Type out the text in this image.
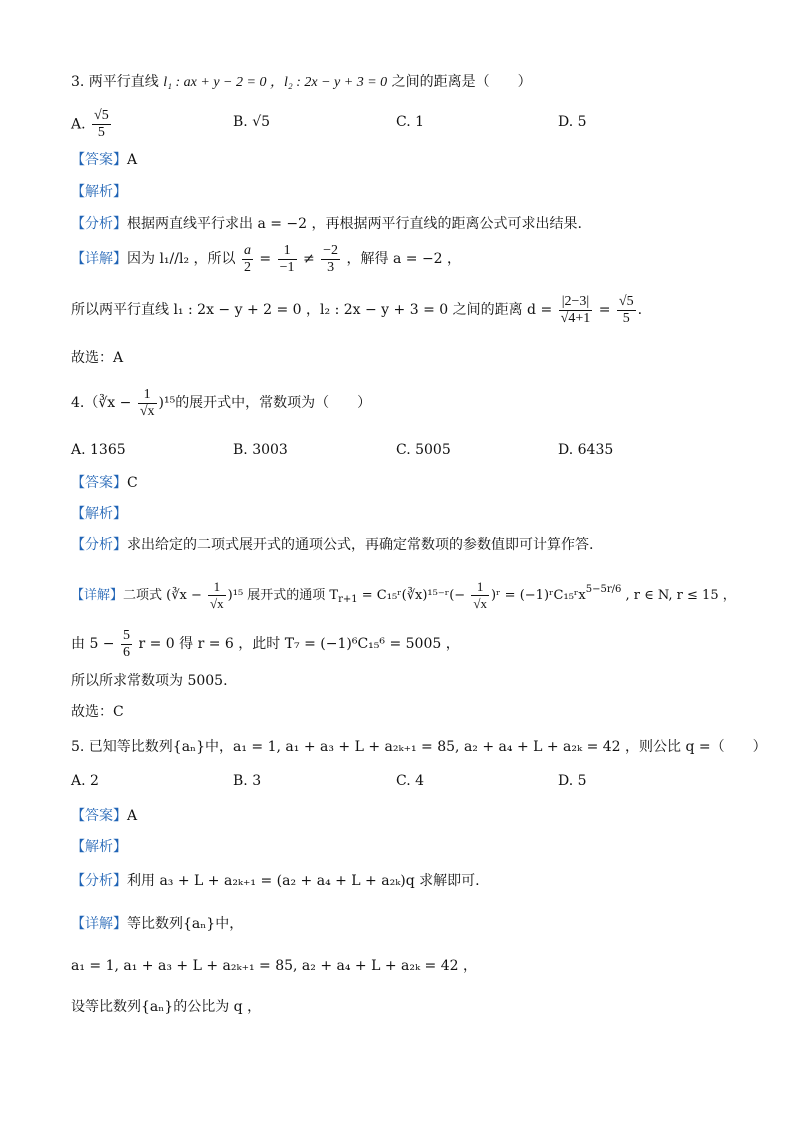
3. 两平行直线 l₁ : ax + y − 2 = 0 ，l₂ : 2x − y + 3 = 0 之间的距离是（　　）
A. $\frac{√5}{5}$	B. √5	C. 1	D. 5
【答案】A
【解析】
【分析】根据两直线平行求出 a = −2 ，再根据两平行直线的距离公式可求出结果.
【详解】因为 l₁//l₂ ，所以 $\frac{a}{2} = \frac{1}{-1} \ne \frac{-2}{3}$ ，解得 a = −2 ，
所以两平行直线 l₁ : 2x − y + 2 = 0 ，l₂ : 2x − y + 3 = 0 之间的距离 $d = \frac{|2-3|}{√4+1} = \frac{√5}{5}$ .
故选：A
4.（∛x − $\frac{1}{√x} )^{15}$的展开式中，常数项为（　　）
A. 1365	B. 3003	C. 5005	D. 6435
【答案】C
【解析】
【分析】求出给定的二项式展开式的通项公式，再确定常数项的参数值即可计算作答.
【详解】二项式 (∛x − $\frac{1}{√x} )^{15}$ 展开式的通项 $T_{r+1}$ = C₁₅ʳ(∛x)¹⁵⁻ʳ(− $\frac{1}{√x}$ )ʳ = (−1)ʳC₁₅ʳx$^{5-5r/6}$ , r ∈ N, r ≤ 15 ，
由 $5 - \frac{5}{6}$ r = 0 得 r = 6 ，此时 T₇ = (−1)⁶C₁₅⁶ = 5005 ，
所以所求常数项为 5005.
故选：C
5. 已知等比数列{aₙ}中，a₁ = 1, a₁ + a₃ + L + a₂ₖ₊₁ = 85, a₂ + a₄ + L + a₂ₖ = 42 ，则公比 q =（　　）
A. 2	B. 3	C. 4	D. 5
【答案】A
【解析】
【分析】利用 a₃ + L + a₂ₖ₊₁ = (a₂ + a₄ + L + a₂ₖ)q 求解即可.
【详解】等比数列{aₙ}中，
a₁ = 1, a₁ + a₃ + L + a₂ₖ₊₁ = 85, a₂ + a₄ + L + a₂ₖ = 42 ，
设等比数列{aₙ}的公比为 q ，
